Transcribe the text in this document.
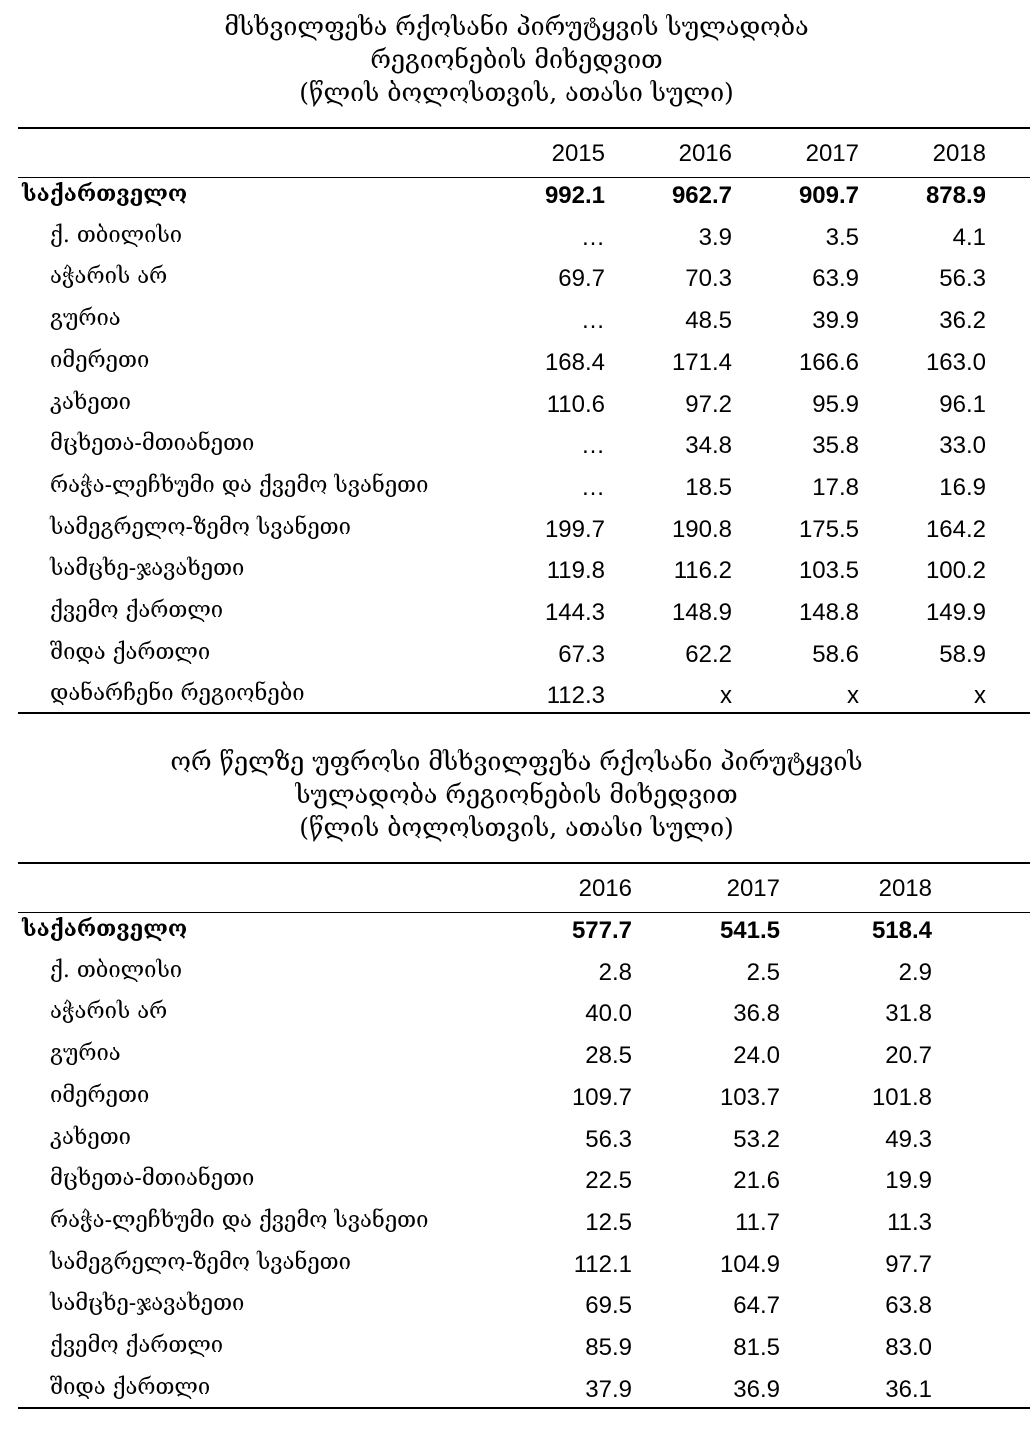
მსხვილფეხა რქოსანი პირუტყვის სულადობა
რეგიონების მიხედვით
(წლის ბოლოსთვის, ათასი სული)
2015	2016	2017	2018
საქართველო	992.1	962.7	909.7	878.9
ქ. თბილისი	…	3.9	3.5	4.1
აჭარის არ	69.7	70.3	63.9	56.3
გურია	…	48.5	39.9	36.2
იმერეთი	168.4	171.4	166.6	163.0
კახეთი	110.6	97.2	95.9	96.1
მცხეთა-მთიანეთი	…	34.8	35.8	33.0
რაჭა-ლეჩხუმი და ქვემო სვანეთი	…	18.5	17.8	16.9
სამეგრელო-ზემო სვანეთი	199.7	190.8	175.5	164.2
სამცხე-ჯავახეთი	119.8	116.2	103.5	100.2
ქვემო ქართლი	144.3	148.9	148.8	149.9
შიდა ქართლი	67.3	62.2	58.6	58.9
დანარჩენი რეგიონები	112.3	x	x	x
ორ წელზე უფროსი მსხვილფეხა რქოსანი პირუტყვის
სულადობა რეგიონების მიხედვით
(წლის ბოლოსთვის, ათასი სული)
2016	2017	2018
საქართველო	577.7	541.5	518.4
ქ. თბილისი	2.8	2.5	2.9
აჭარის არ	40.0	36.8	31.8
გურია	28.5	24.0	20.7
იმერეთი	109.7	103.7	101.8
კახეთი	56.3	53.2	49.3
მცხეთა-მთიანეთი	22.5	21.6	19.9
რაჭა-ლეჩხუმი და ქვემო სვანეთი	12.5	11.7	11.3
სამეგრელო-ზემო სვანეთი	112.1	104.9	97.7
სამცხე-ჯავახეთი	69.5	64.7	63.8
ქვემო ქართლი	85.9	81.5	83.0
შიდა ქართლი	37.9	36.9	36.1
